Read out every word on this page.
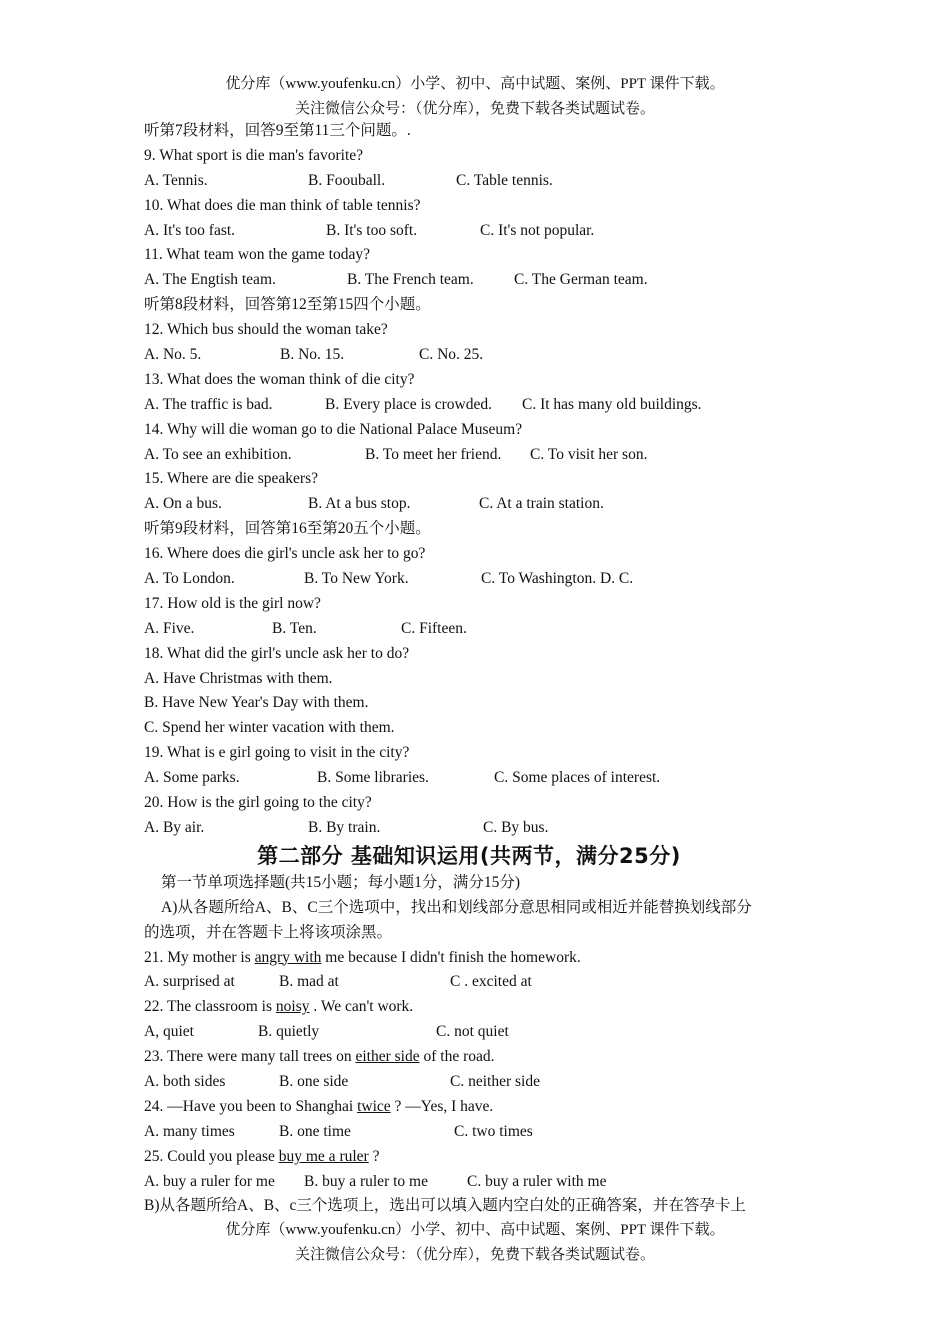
优分库（www.youfenku.cn）小学、初中、高中试题、案例、PPT 课件下载。
关注微信公众号：（优分库），免费下载各类试题试卷。
听第7段材料，回答9至第11三个问题。.
9. What sport is die man's favorite?
A. Tennis.	B. Foouball.	C. Table tennis.
10. What does die man think of table tennis?
A. It's too fast.	B. It's too soft.	C. It's not popular.
11. What team won the game today?
A. The Engtish team.	B. The French team.	C. The German team.
听第8段材料，回答第12至第15四个小题。
12. Which bus should the woman take?
A. No. 5.	B. No. 15.	C. No. 25.
13. What does the woman think of die city?
A. The traffic is bad.	B. Every place is crowded. C. It has many old buildings.
14. Why will die woman go to die National Palace Museum?
A. To see an exhibition.	B. To meet her friend. C. To visit her son.
15. Where are die speakers?
A. On a bus.	B. At a bus stop.	C. At a train station.
听第9段材料，回答第16至第20五个小题。
16. Where does die girl's uncle ask her to go?
A. To London.	B. To New York.	C. To Washington. D. C.
17. How old is the girl now?
A. Five.	B. Ten.	C. Fifteen.
18. What did the girl's uncle ask her to do?
A. Have Christmas with them.
B. Have New Year's Day with them.
C. Spend her winter vacation with them.
19. What is e girl going to visit in the city?
A. Some parks.	B. Some libraries.	C. Some places of interest.
20. How is the girl going to the city?
A. By air.	B. By train.	C. By bus.
第二部分 基础知识运用(共两节，满分25分)
第一节单项选择题(共15小题；每小题1分，满分15分)
A)从各题所给A、B、C三个选项中，找出和划线部分意思相同或相近并能替换划线部分
的选项，并在答题卡上将该项涂黑。
21. My mother is angry with me because I didn't finish the homework.
A. surprised at	B. mad at	C . excited at
22. The classroom is noisy . We can't work.
A, quiet	B. quietly	C. not quiet
23. There were many tall trees on either side of the road.
A. both sides	B. one side	C. neither side
24. —Have you been to Shanghai twice ? —Yes, I have.
A. many times	B. one time	C. two times
25. Could you please buy me a ruler ?
A. buy a ruler for me B. buy a ruler to me	C. buy a ruler with me
B)从各题所给A、B、c三个选项上，选出可以填入题内空白处的正确答案，并在答孕卡上
优分库（www.youfenku.cn）小学、初中、高中试题、案例、PPT 课件下载。
关注微信公众号：（优分库），免费下载各类试题试卷。
